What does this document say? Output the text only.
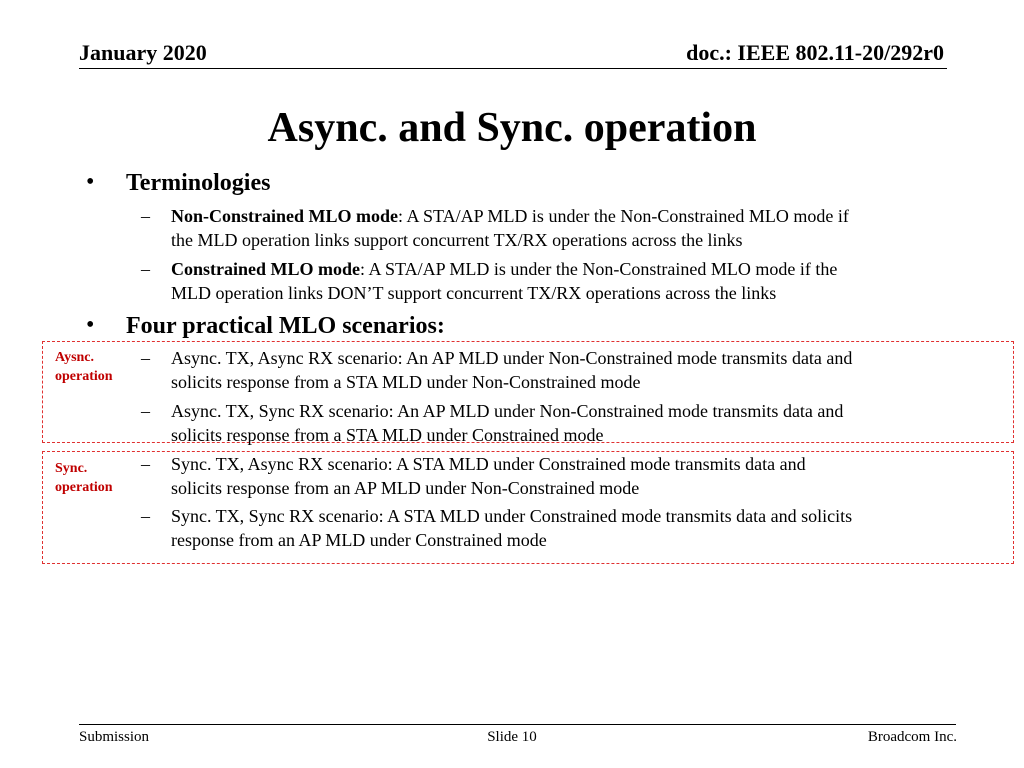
January 2020	doc.: IEEE 802.11-20/292r0
Async. and Sync. operation
• Terminologies
– Non-Constrained MLO mode: A STA/AP MLD is under the Non-Constrained MLO mode if
the MLD operation links support concurrent TX/RX operations across the links
– Constrained MLO mode: A STA/AP MLD is under the Non-Constrained MLO mode if the
MLD operation links DON’T support concurrent TX/RX operations across the links
• Four practical MLO scenarios:
Aysnc.
operation
Sync.
operation
– Async. TX, Async RX scenario: An AP MLD under Non-Constrained mode transmits data and
solicits response from a STA MLD under Non-Constrained mode
– Async. TX, Sync RX scenario: An AP MLD under Non-Constrained mode transmits data and
solicits response from a STA MLD under Constrained mode
– Sync. TX, Async RX scenario: A STA MLD under Constrained mode transmits data and
solicits response from an AP MLD under Non-Constrained mode
– Sync. TX, Sync RX scenario: A STA MLD under Constrained mode transmits data and solicits
response from an AP MLD under Constrained mode
Submission	Slide 10	Broadcom Inc.
